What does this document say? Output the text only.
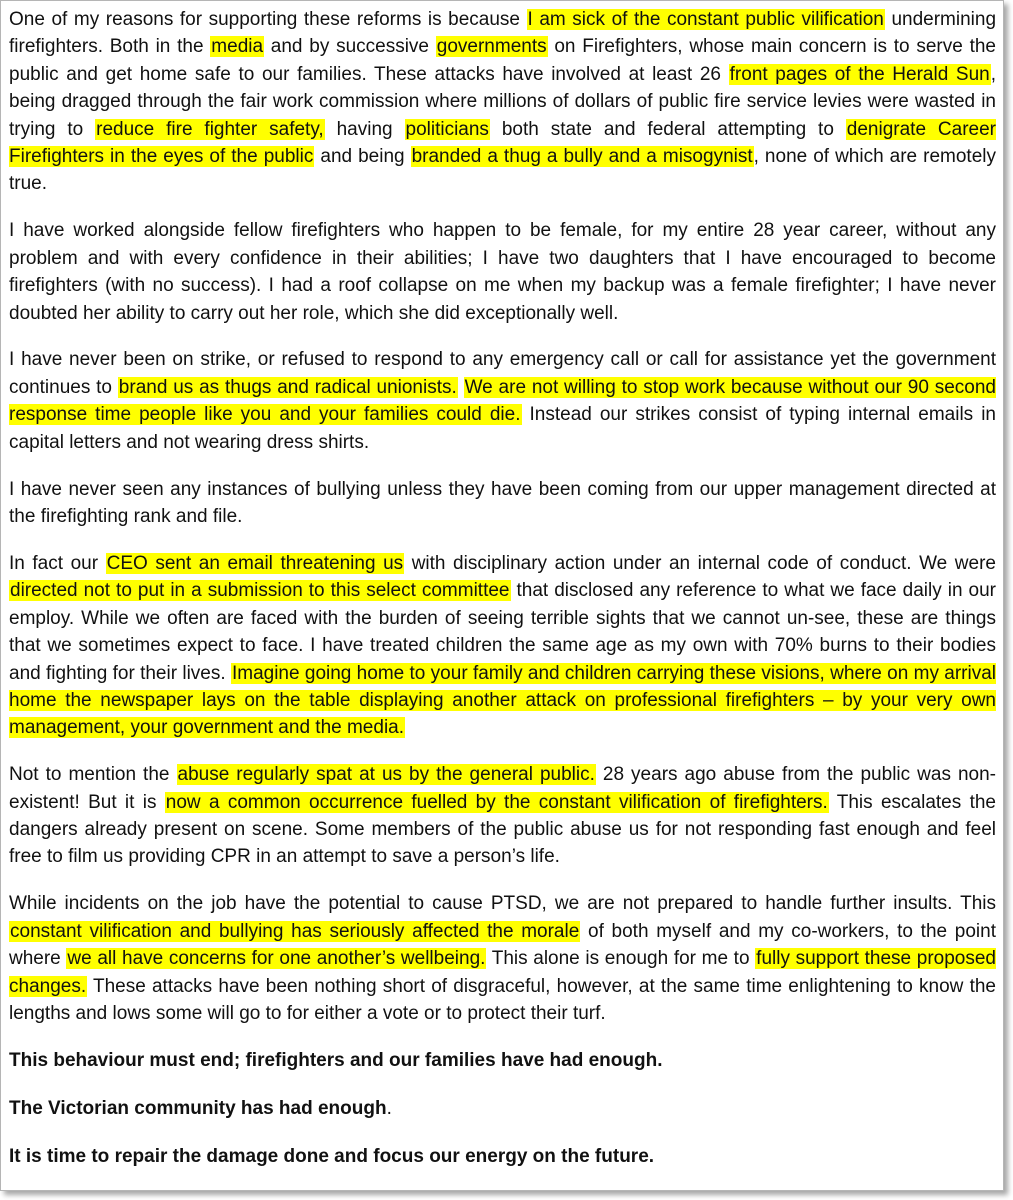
One of my reasons for supporting these reforms is because I am sick of the constant public vilification undermining firefighters. Both in the media and by successive governments on Firefighters, whose main concern is to serve the public and get home safe to our families. These attacks have involved at least 26 front pages of the Herald Sun, being dragged through the fair work commission where millions of dollars of public fire service levies were wasted in trying to reduce fire fighter safety, having politicians both state and federal attempting to denigrate Career Firefighters in the eyes of the public and being branded a thug a bully and a misogynist, none of which are remotely true.

I have worked alongside fellow firefighters who happen to be female, for my entire 28 year career, without any problem and with every confidence in their abilities; I have two daughters that I have encouraged to become firefighters (with no success). I had a roof collapse on me when my backup was a female firefighter; I have never doubted her ability to carry out her role, which she did exceptionally well.

I have never been on strike, or refused to respond to any emergency call or call for assistance yet the government continues to brand us as thugs and radical unionists. We are not willing to stop work because without our 90 second response time people like you and your families could die. Instead our strikes consist of typing internal emails in capital letters and not wearing dress shirts.

I have never seen any instances of bullying unless they have been coming from our upper management directed at the firefighting rank and file.

In fact our CEO sent an email threatening us with disciplinary action under an internal code of conduct. We were directed not to put in a submission to this select committee that disclosed any reference to what we face daily in our employ. While we often are faced with the burden of seeing terrible sights that we cannot un-see, these are things that we sometimes expect to face. I have treated children the same age as my own with 70% burns to their bodies and fighting for their lives. Imagine going home to your family and children carrying these visions, where on my arrival home the newspaper lays on the table displaying another attack on professional firefighters – by your very own management, your government and the media.

Not to mention the abuse regularly spat at us by the general public. 28 years ago abuse from the public was non-existent! But it is now a common occurrence fuelled by the constant vilification of firefighters. This escalates the dangers already present on scene. Some members of the public abuse us for not responding fast enough and feel free to film us providing CPR in an attempt to save a person’s life.

While incidents on the job have the potential to cause PTSD, we are not prepared to handle further insults. This constant vilification and bullying has seriously affected the morale of both myself and my co-workers, to the point where we all have concerns for one another’s wellbeing. This alone is enough for me to fully support these proposed changes. These attacks have been nothing short of disgraceful, however, at the same time enlightening to know the lengths and lows some will go to for either a vote or to protect their turf.

This behaviour must end; firefighters and our families have had enough.

The Victorian community has had enough.

It is time to repair the damage done and focus our energy on the future.
